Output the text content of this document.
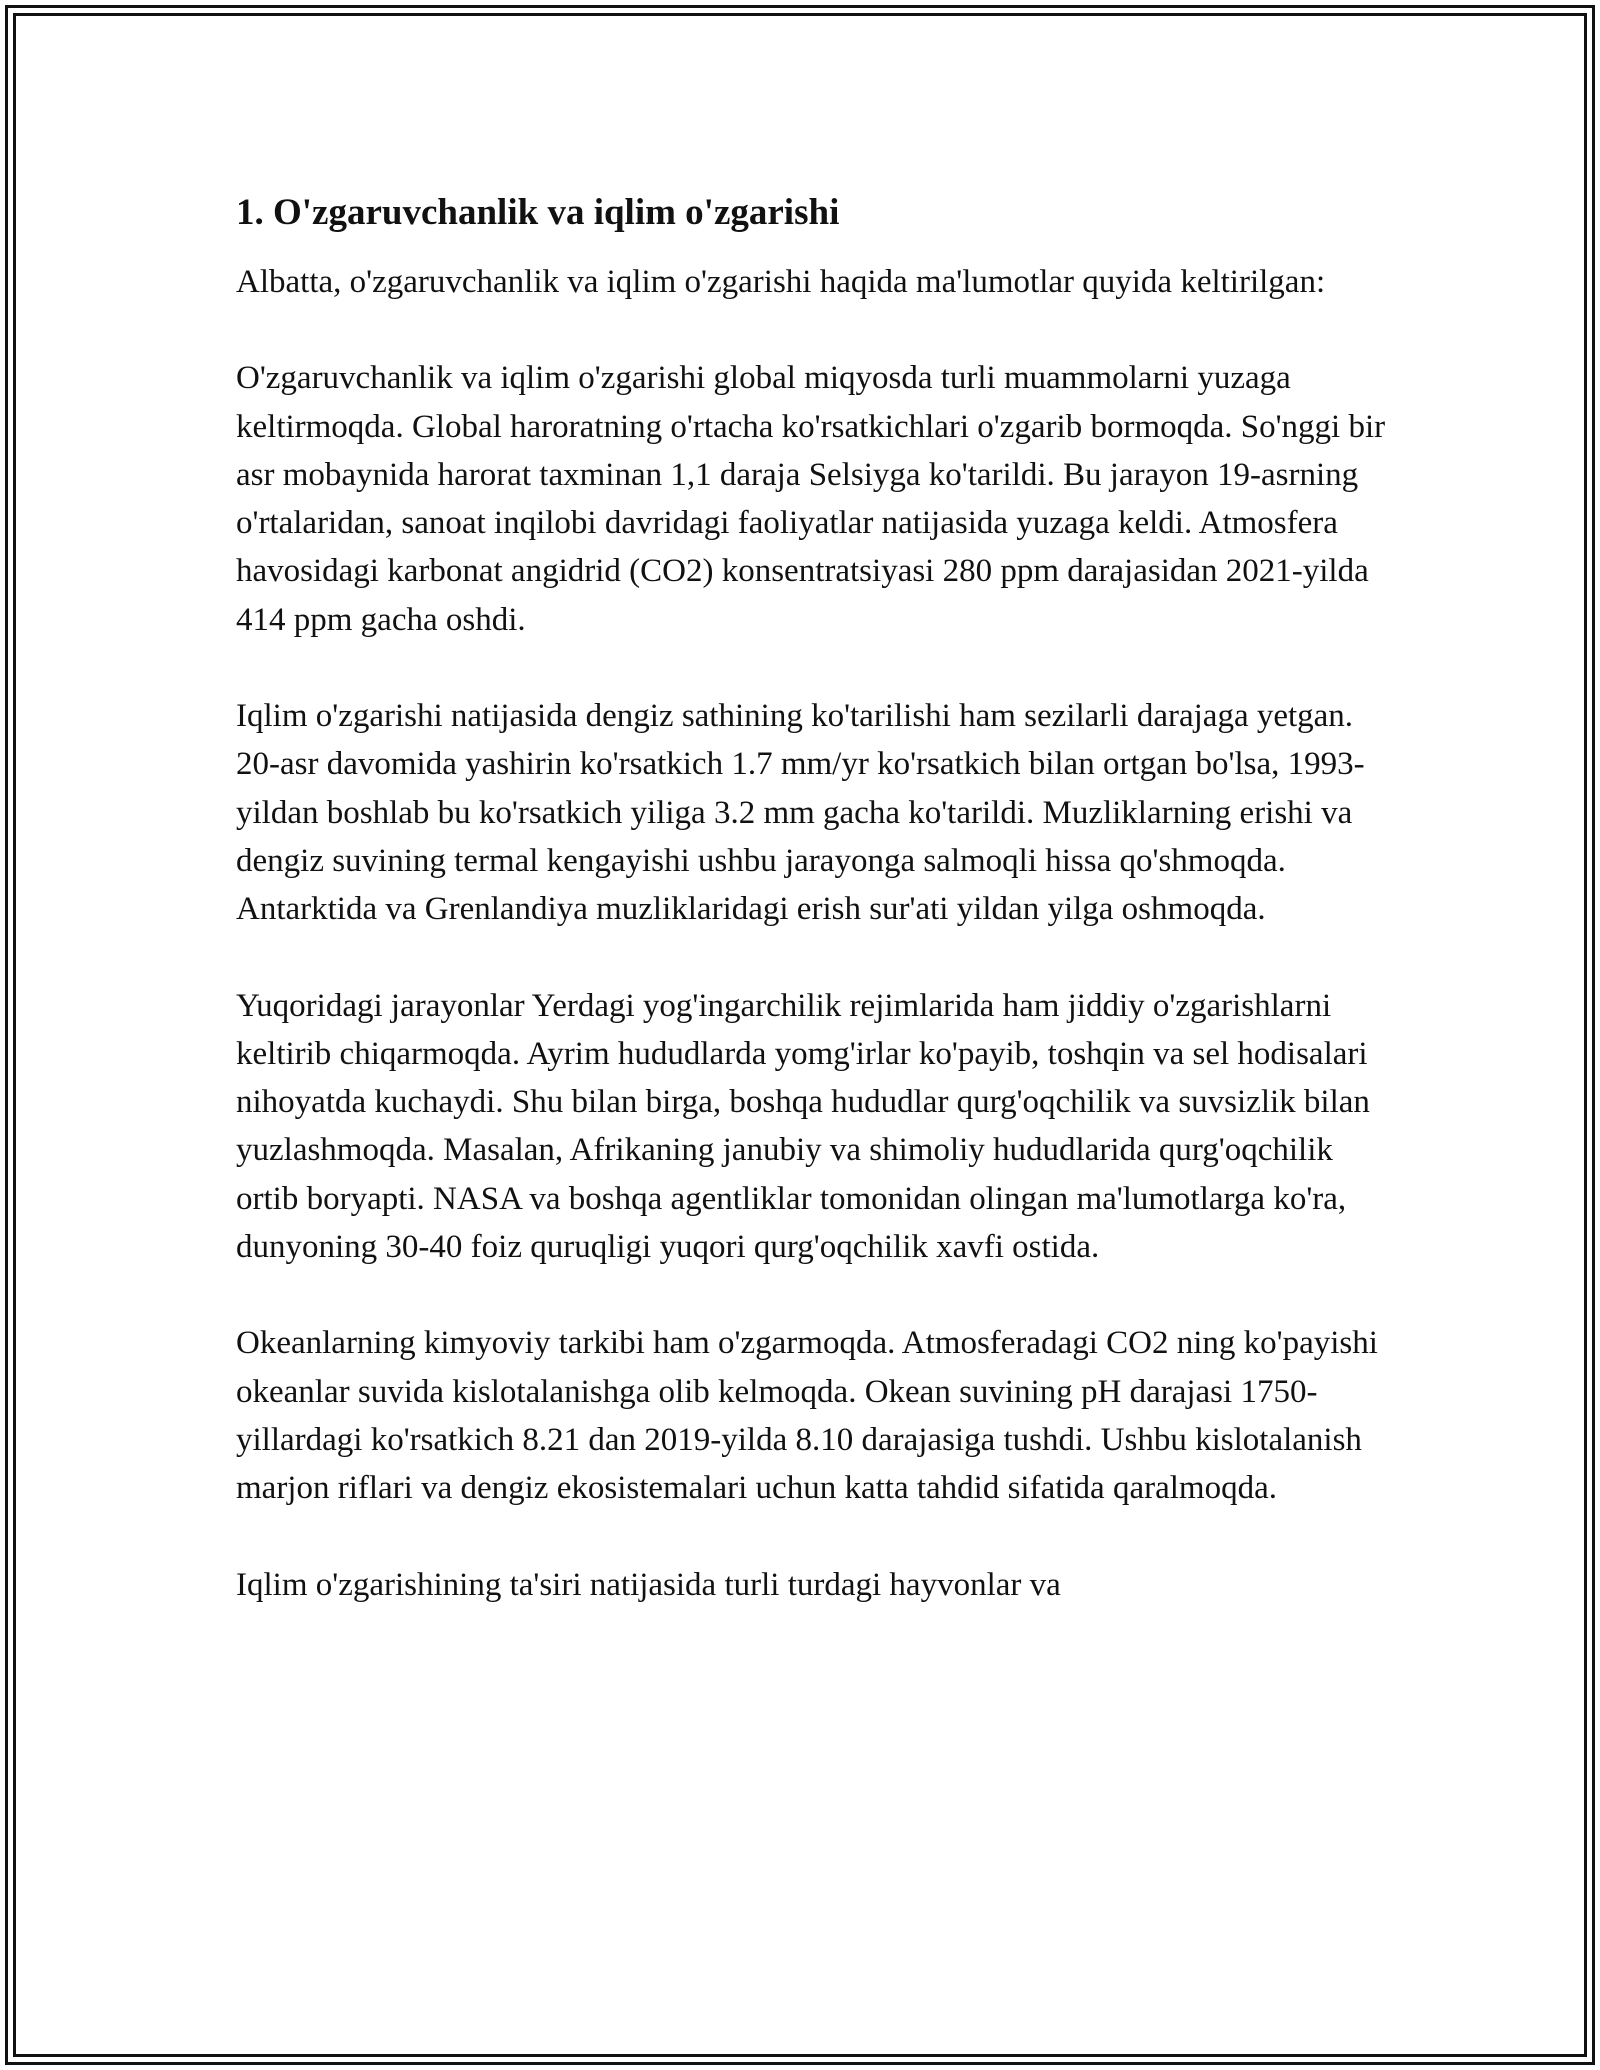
1. O'zgaruvchanlik va iqlim o'zgarishi

Albatta, o'zgaruvchanlik va iqlim o'zgarishi haqida ma'lumotlar quyida keltirilgan:

O'zgaruvchanlik va iqlim o'zgarishi global miqyosda turli muammolarni yuzaga keltirmoqda. Global haroratning o'rtacha ko'rsatkichlari o'zgarib bormoqda. So'nggi bir asr mobaynida harorat taxminan 1,1 daraja Selsiyga ko'tarildi. Bu jarayon 19-asrning o'rtalaridan, sanoat inqilobi davridagi faoliyatlar natijasida yuzaga keldi. Atmosfera havosidagi karbonat angidrid (CO2) konsentratsiyasi 280 ppm darajasidan 2021-yilda 414 ppm gacha oshdi.

Iqlim o'zgarishi natijasida dengiz sathining ko'tarilishi ham sezilarli darajaga yetgan. 20-asr davomida yashirin ko'rsatkich 1.7 mm/yr ko'rsatkich bilan ortgan bo'lsa, 1993-yildan boshlab bu ko'rsatkich yiliga 3.2 mm gacha ko'tarildi. Muzliklarning erishi va dengiz suvining termal kengayishi ushbu jarayonga salmoqli hissa qo'shmoqda. Antarktida va Grenlandiya muzliklaridagi erish sur'ati yildan yilga oshmoqda.

Yuqoridagi jarayonlar Yerdagi yog'ingarchilik rejimlarida ham jiddiy o'zgarishlarni keltirib chiqarmoqda. Ayrim hududlarda yomg'irlar ko'payib, toshqin va sel hodisalari nihoyatda kuchaydi. Shu bilan birga, boshqa hududlar qurg'oqchilik va suvsizlik bilan yuzlashmoqda. Masalan, Afrikaning janubiy va shimoliy hududlarida qurg'oqchilik ortib boryapti. NASA va boshqa agentliklar tomonidan olingan ma'lumotlarga ko'ra, dunyoning 30-40 foiz quruqligi yuqori qurg'oqchilik xavfi ostida.

Okeanlarning kimyoviy tarkibi ham o'zgarmoqda. Atmosferadagi CO2 ning ko'payishi okeanlar suvida kislotalanishga olib kelmoqda. Okean suvining pH darajasi 1750-yillardagi ko'rsatkich 8.21 dan 2019-yilda 8.10 darajasiga tushdi. Ushbu kislotalanish marjon riflari va dengiz ekosistemalari uchun katta tahdid sifatida qaralmoqda.

Iqlim o'zgarishining ta'siri natijasida turli turdagi hayvonlar va
